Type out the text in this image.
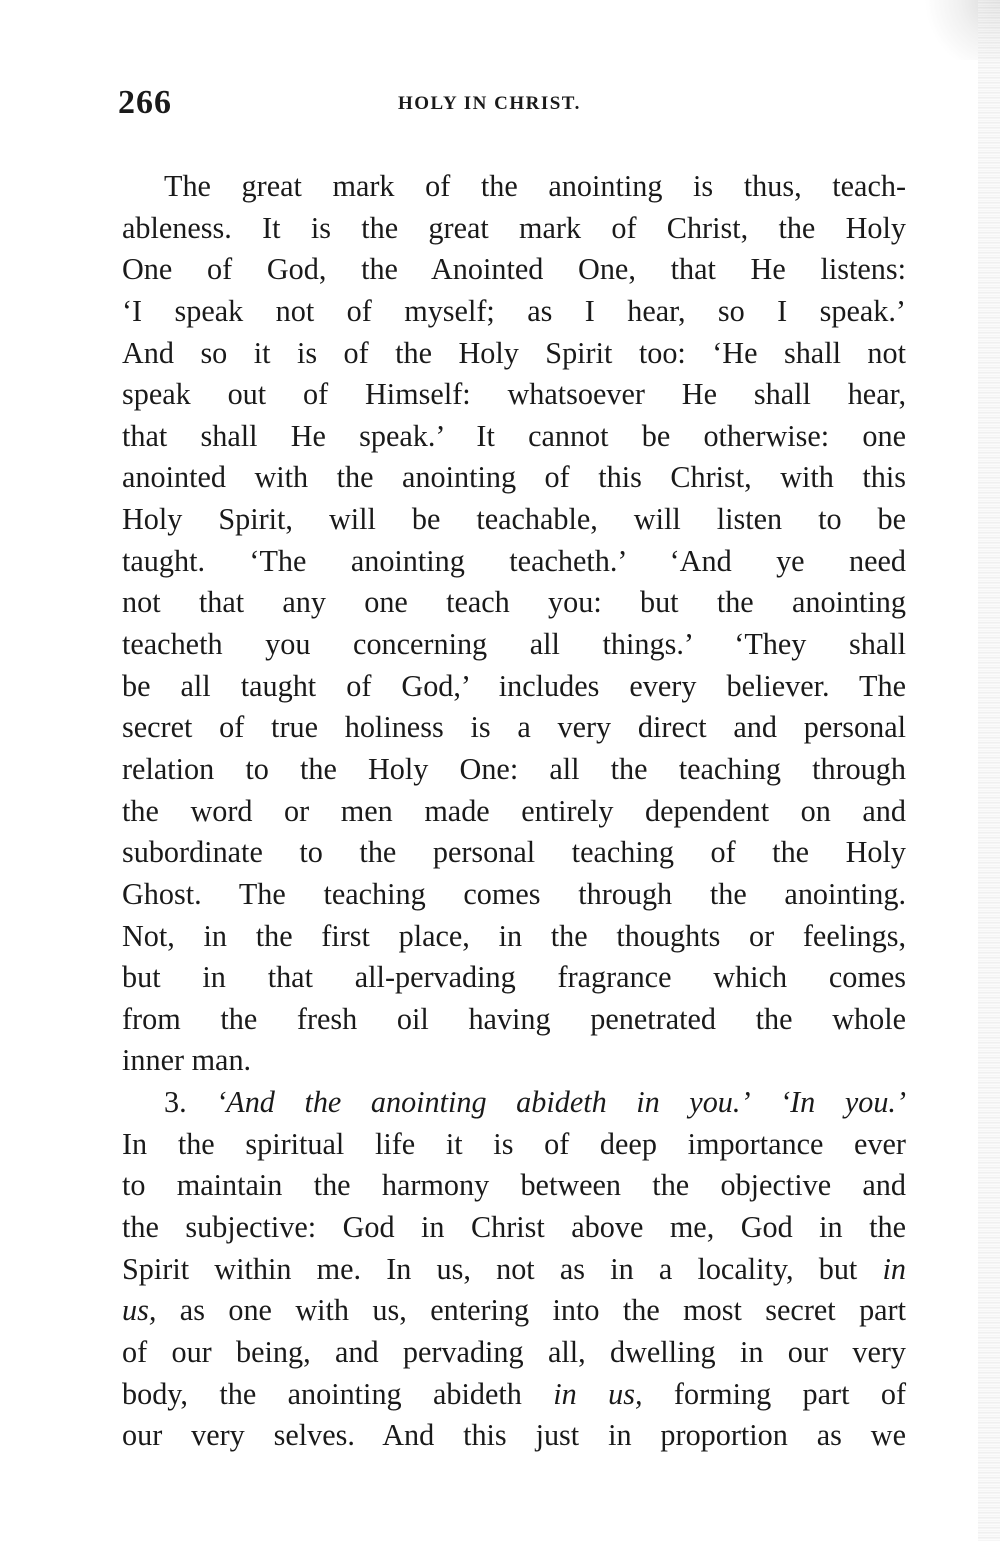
266	HOLY IN CHRIST.
The great mark of the anointing is thus, teach-
ableness. It is the great mark of Christ, the Holy
One of God, the Anointed One, that He listens:
‘I speak not of myself; as I hear, so I speak.’
And so it is of the Holy Spirit too: ‘He shall not
speak out of Himself: whatsoever He shall hear,
that shall He speak.’ It cannot be otherwise: one
anointed with the anointing of this Christ, with this
Holy Spirit, will be teachable, will listen to be
taught. ‘The anointing teacheth.’ ‘And ye need
not that any one teach you: but the anointing
teacheth you concerning all things.’ ‘They shall
be all taught of God,’ includes every believer. The
secret of true holiness is a very direct and personal
relation to the Holy One: all the teaching through
the word or men made entirely dependent on and
subordinate to the personal teaching of the Holy
Ghost. The teaching comes through the anointing.
Not, in the first place, in the thoughts or feelings,
but in that all-pervading fragrance which comes
from the fresh oil having penetrated the whole
inner man.
3. ‘And the anointing abideth in you.’ ‘In you.’
In the spiritual life it is of deep importance ever
to maintain the harmony between the objective and
the subjective: God in Christ above me, God in the
Spirit within me. In us, not as in a locality, but in
us, as one with us, entering into the most secret part
of our being, and pervading all, dwelling in our very
body, the anointing abideth in us, forming part of
our very selves. And this just in proportion as we
